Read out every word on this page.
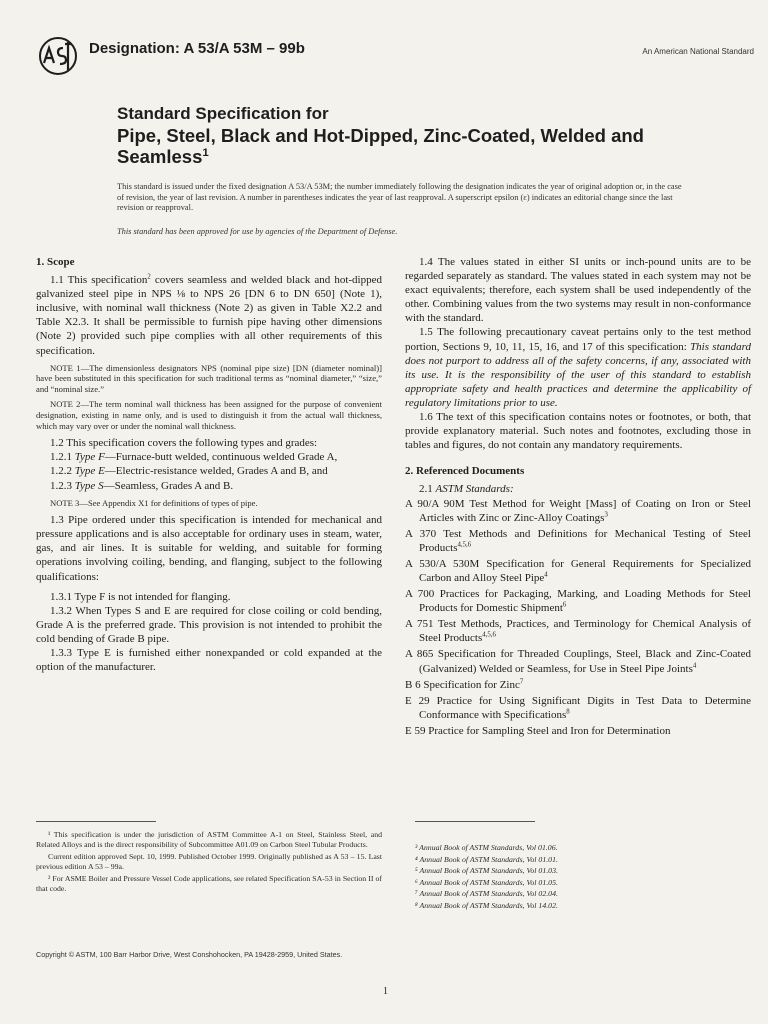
Designation: A 53/A 53M – 99b	An American National Standard
Standard Specification for
Pipe, Steel, Black and Hot-Dipped, Zinc-Coated, Welded and Seamless$^1$
This standard is issued under the fixed designation A 53/A 53M; the number immediately following the designation indicates the year of original adoption or, in the case of revision, the year of last revision. A number in parentheses indicates the year of last reapproval. A superscript epsilon (ε) indicates an editorial change since the last revision or reapproval.
This standard has been approved for use by agencies of the Department of Defense.
1. Scope

1.1 This specification$^2$ covers seamless and welded black and hot-dipped galvanized steel pipe in NPS ⅛ to NPS 26 [DN 6 to DN 650] (Note 1), inclusive, with nominal wall thickness (Note 2) as given in Table X2.2 and Table X2.3. It shall be permissible to furnish pipe having other dimensions (Note 2) provided such pipe complies with all other requirements of this specification.

NOTE 1—The dimensionless designators NPS (nominal pipe size) [DN (diameter nominal)] have been substituted in this specification for such traditional terms as “nominal diameter,” “size,” and “nominal size.”

NOTE 2—The term nominal wall thickness has been assigned for the purpose of convenient designation, existing in name only, and is used to distinguish it from the actual wall thickness, which may vary over or under the nominal wall thickness.

1.2 This specification covers the following types and grades:

1.2.1 Type F—Furnace-butt welded, continuous welded Grade A,

1.2.2 Type E—Electric-resistance welded, Grades A and B, and

1.2.3 Type S—Seamless, Grades A and B.

NOTE 3—See Appendix X1 for definitions of types of pipe.

1.3 Pipe ordered under this specification is intended for mechanical and pressure applications and is also acceptable for ordinary uses in steam, water, gas, and air lines. It is suitable for welding, and suitable for forming operations involving coiling, bending, and flanging, subject to the following qualifications:

1.3.1 Type F is not intended for flanging.

1.3.2 When Types S and E are required for close coiling or cold bending, Grade A is the preferred grade. This provision is not intended to prohibit the cold bending of Grade B pipe.

1.3.3 Type E is furnished either nonexpanded or cold expanded at the option of the manufacturer.

1.4 The values stated in either SI units or inch-pound units are to be regarded separately as standard. The values stated in each system may not be exact equivalents; therefore, each system shall be used independently of the other. Combining values from the two systems may result in non-conformance with the standard.

1.5 The following precautionary caveat pertains only to the test method portion, Sections 9, 10, 11, 15, 16, and 17 of this specification: This standard does not purport to address all of the safety concerns, if any, associated with its use. It is the responsibility of the user of this standard to establish appropriate safety and health practices and determine the applicability of regulatory limitations prior to use.

1.6 The text of this specification contains notes or footnotes, or both, that provide explanatory material. Such notes and footnotes, excluding those in tables and figures, do not contain any mandatory requirements.

2. Referenced Documents

2.1 ASTM Standards:

A 90/A 90M Test Method for Weight [Mass] of Coating on Iron or Steel Articles with Zinc or Zinc-Alloy Coatings$^3$

A 370 Test Methods and Definitions for Mechanical Testing of Steel Products$^{4,5,6}$

A 530/A 530M Specification for General Requirements for Specialized Carbon and Alloy Steel Pipe$^4$

A 700 Practices for Packaging, Marking, and Loading Methods for Steel Products for Domestic Shipment$^6$

A 751 Test Methods, Practices, and Terminology for Chemical Analysis of Steel Products$^{4,5,6}$

A 865 Specification for Threaded Couplings, Steel, Black and Zinc-Coated (Galvanized) Welded or Seamless, for Use in Steel Pipe Joints$^4$

B 6 Specification for Zinc$^7$

E 29 Practice for Using Significant Digits in Test Data to Determine Conformance with Specifications$^8$

E 59 Practice for Sampling Steel and Iron for Determination

¹ This specification is under the jurisdiction of ASTM Committee A-1 on Steel, Stainless Steel, and Related Alloys and is the direct responsibility of Subcommittee A01.09 on Carbon Steel Tubular Products.

Current edition approved Sept. 10, 1999. Published October 1999. Originally published as A 53 – 15. Last previous edition A 53 – 99a.

² For ASME Boiler and Pressure Vessel Code applications, see related Specification SA-53 in Section II of that code.

³ Annual Book of ASTM Standards, Vol 01.06.
⁴ Annual Book of ASTM Standards, Vol 01.01.
⁵ Annual Book of ASTM Standards, Vol 01.03.
⁶ Annual Book of ASTM Standards, Vol 01.05.
⁷ Annual Book of ASTM Standards, Vol 02.04.
⁸ Annual Book of ASTM Standards, Vol 14.02.
Copyright © ASTM, 100 Barr Harbor Drive, West Conshohocken, PA 19428-2959, United States.
1
